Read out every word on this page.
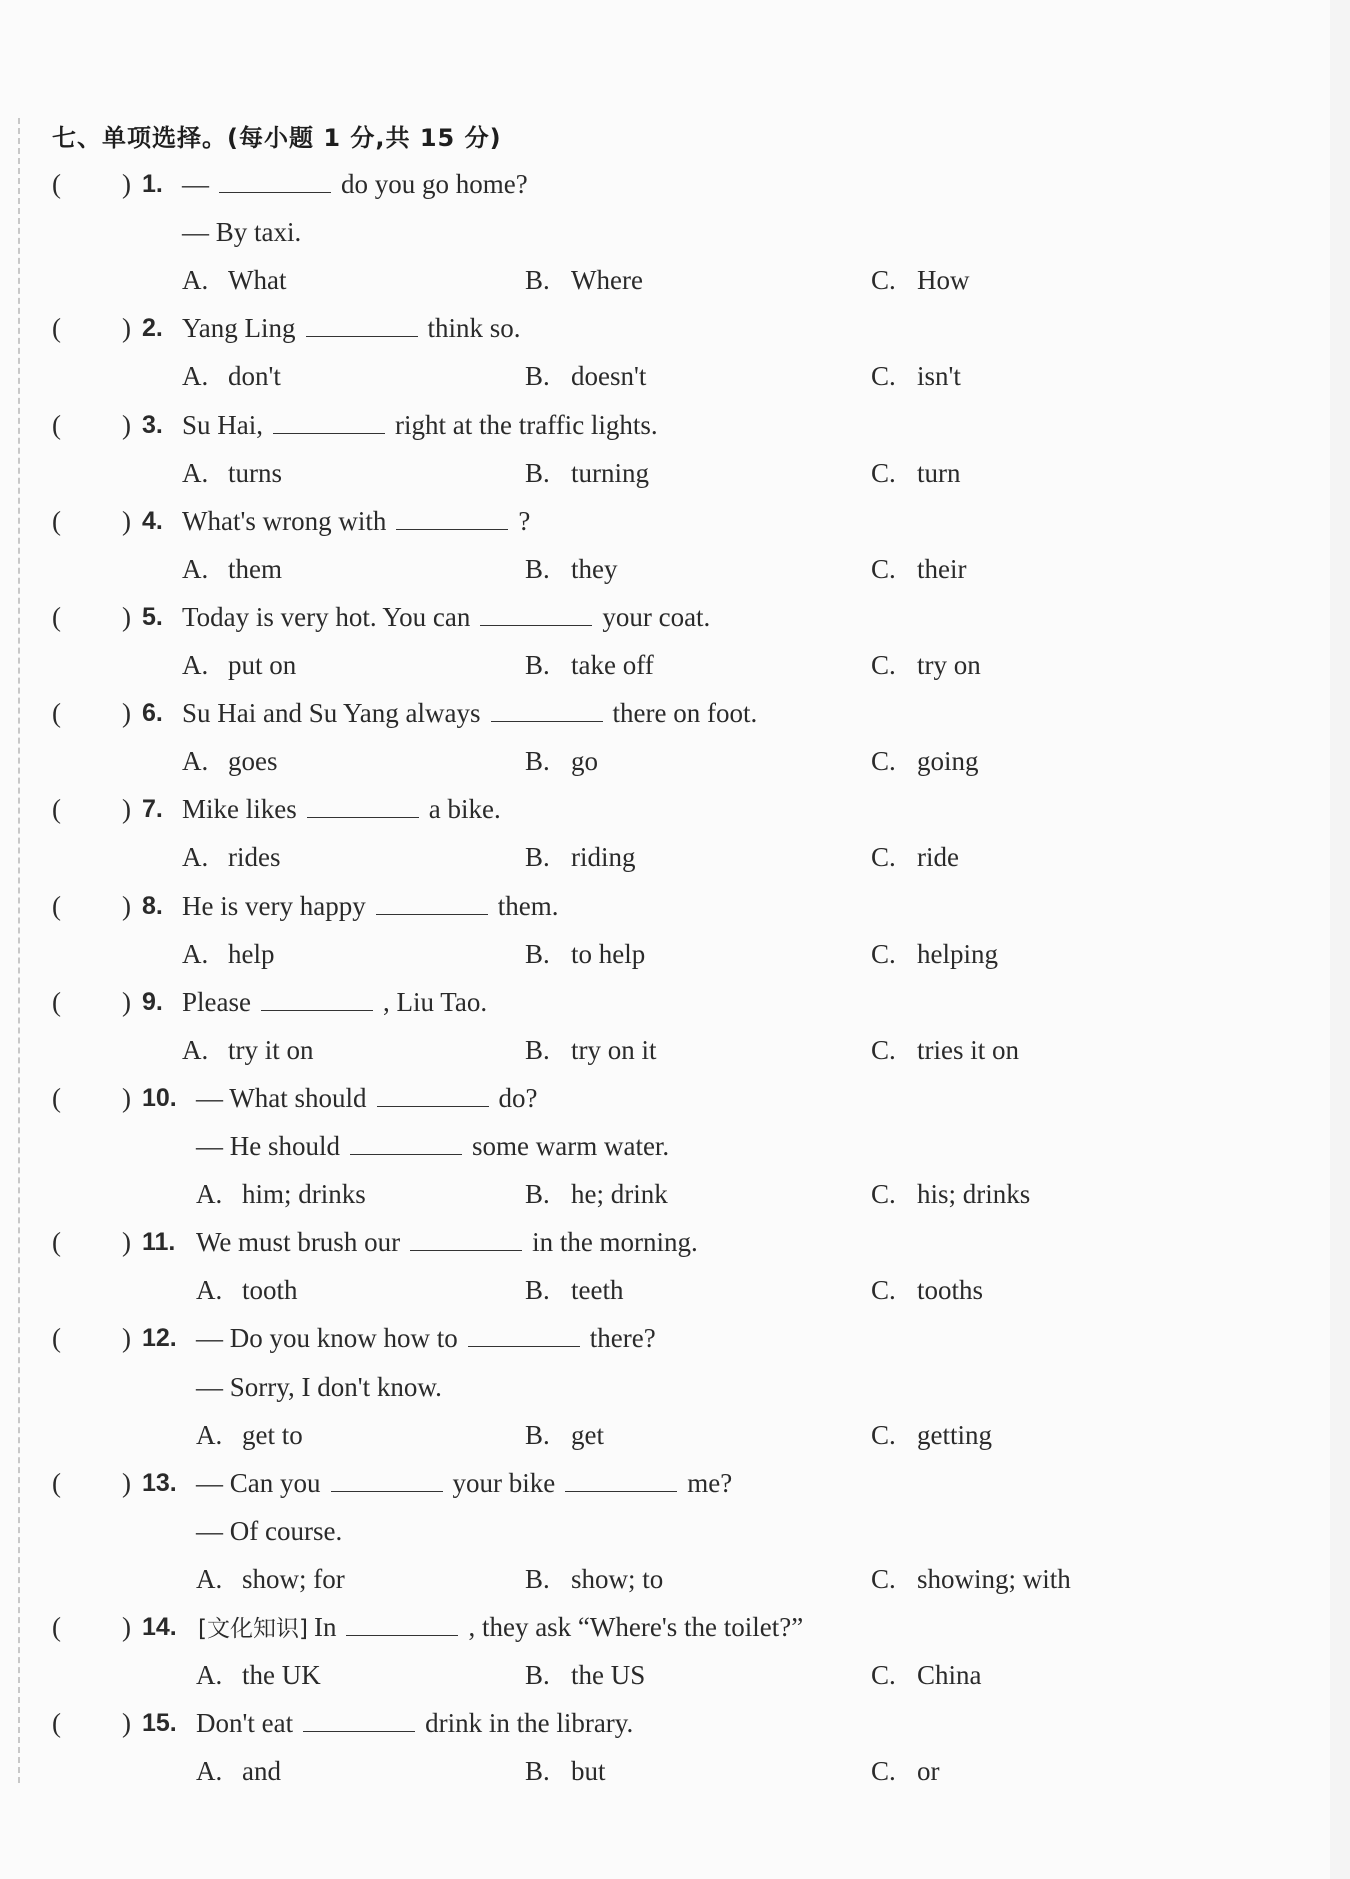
七、单项选择。(每小题 1 分,共 15 分)
( ) 1. —	do you go home?
— By taxi.
A. What	B. Where	C. How
( ) 2. Yang Ling	think so.
A. don't	B. doesn't	C. isn't
( ) 3. Su Hai,	right at the traffic lights.
A. turns	B. turning	C. turn
( ) 4. What's wrong with	?
A. them	B. they	C. their
( ) 5. Today is very hot. You can	your coat.
A. put on	B. take off	C. try on
( ) 6. Su Hai and Su Yang always	there on foot.
A. goes	B. go	C. going
( ) 7. Mike likes	a bike.
A. rides	B. riding	C. ride
( ) 8. He is very happy	them.
A. help	B. to help	C. helping
( ) 9. Please	, Liu Tao.
A. try it on	B. try on it	C. tries it on
( ) 10. — What should	do?
— He should	some warm water.
A. him; drinks	B. he; drink	C. his; drinks
( ) 11. We must brush our	in the morning.
A. tooth	B. teeth	C. tooths
( ) 12. — Do you know how to	there?
— Sorry, I don't know.
A. get to	B. get	C. getting
( ) 13. — Can you	your bike	me?
— Of course.
A. show; for	B. show; to	C. showing; with
( ) 14. [文化知识] In	, they ask “Where's the toilet?”
A. the UK	B. the US	C. China
( ) 15. Don't eat	drink in the library.
A. and	B. but	C. or
